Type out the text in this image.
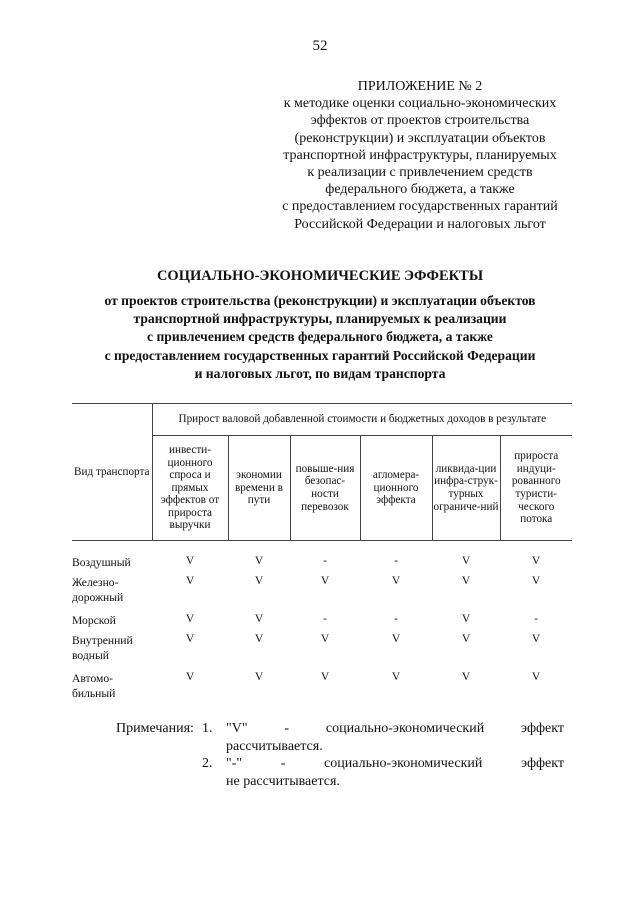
52
ПРИЛОЖЕНИЕ № 2
к методике оценки социально-экономических
эффектов от проектов строительства
(реконструкции) и эксплуатации объектов
транспортной инфраструктуры, планируемых
к реализации с привлечением средств
федерального бюджета, а также
с предоставлением государственных гарантий
Российской Федерации и налоговых льгот
СОЦИАЛЬНО-ЭКОНОМИЧЕСКИЕ ЭФФЕКТЫ
от проектов строительства (реконструкции) и эксплуатации объектов
транспортной инфраструктуры, планируемых к реализации
с привлечением средств федерального бюджета, а также
с предоставлением государственных гарантий Российской Федерации
и налоговых льгот, по видам транспорта
Вид транспорта	Прирост валовой добавленной стоимости и бюджетных доходов в результате					
	инвести-ционного спроса и прямых эффектов от прироста выручки	экономии времени в пути	повыше-ния безопас-ности перевозок	агломера-ционного эффекта	ликвида-ции инфра-струк-турных ограниче-ний	прироста индуци-рованного туристи-ческого потока

Воздушный	V	V	-	-	V	V
Железно-дорожный	V	V	V	V	V	V
Морской	V	V	-	-	V	-
Внутренний водный	V	V	V	V	V	V
Автомо-бильный	V	V	V	V	V	V
Примечания: 1. "V"	-	социально-экономический	эффект
рассчитывается.
2. "-"	-	социально-экономический	эффект
не рассчитывается.
